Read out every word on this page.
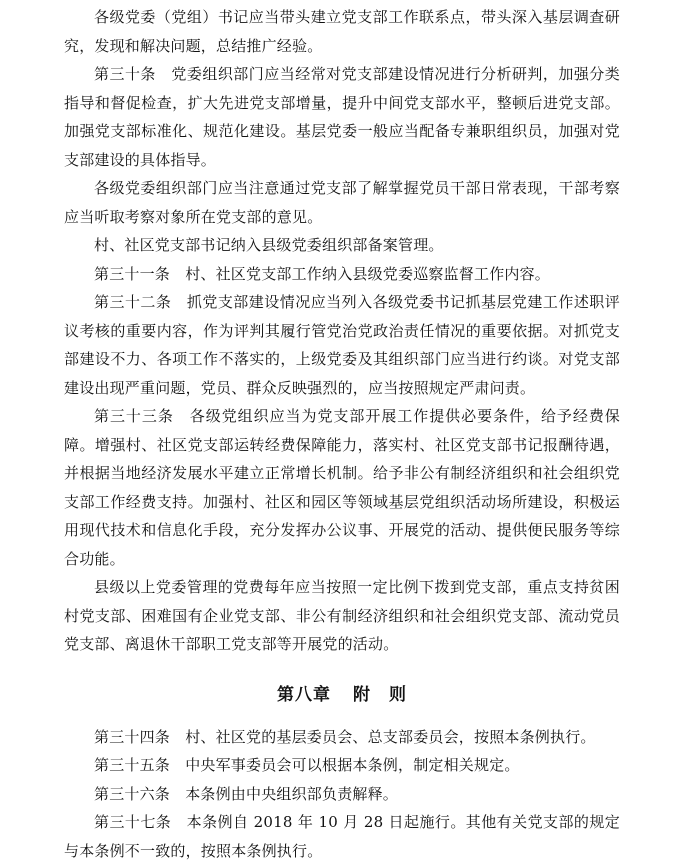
各级党委（党组）书记应当带头建立党支部工作联系点，带头深入基层调查研究，发现和解决问题，总结推广经验。

第三十条　党委组织部门应当经常对党支部建设情况进行分析研判，加强分类指导和督促检查，扩大先进党支部增量，提升中间党支部水平，整顿后进党支部。加强党支部标准化、规范化建设。基层党委一般应当配备专兼职组织员，加强对党支部建设的具体指导。

各级党委组织部门应当注意通过党支部了解掌握党员干部日常表现，干部考察应当听取考察对象所在党支部的意见。

村、社区党支部书记纳入县级党委组织部备案管理。

第三十一条　村、社区党支部工作纳入县级党委巡察监督工作内容。

第三十二条　抓党支部建设情况应当列入各级党委书记抓基层党建工作述职评议考核的重要内容，作为评判其履行管党治党政治责任情况的重要依据。对抓党支部建设不力、各项工作不落实的，上级党委及其组织部门应当进行约谈。对党支部建设出现严重问题，党员、群众反映强烈的，应当按照规定严肃问责。

第三十三条　各级党组织应当为党支部开展工作提供必要条件，给予经费保障。增强村、社区党支部运转经费保障能力，落实村、社区党支部书记报酬待遇，并根据当地经济发展水平建立正常增长机制。给予非公有制经济组织和社会组织党支部工作经费支持。加强村、社区和园区等领域基层党组织活动场所建设，积极运用现代技术和信息化手段，充分发挥办公议事、开展党的活动、提供便民服务等综合功能。

县级以上党委管理的党费每年应当按照一定比例下拨到党支部，重点支持贫困村党支部、困难国有企业党支部、非公有制经济组织和社会组织党支部、流动党员党支部、离退休干部职工党支部等开展党的活动。

第八章 附　则

第三十四条　村、社区党的基层委员会、总支部委员会，按照本条例执行。

第三十五条　中央军事委员会可以根据本条例，制定相关规定。

第三十六条　本条例由中央组织部负责解释。

第三十七条　本条例自 2018 年 10 月 28 日起施行。其他有关党支部的规定与本条例不一致的，按照本条例执行。
